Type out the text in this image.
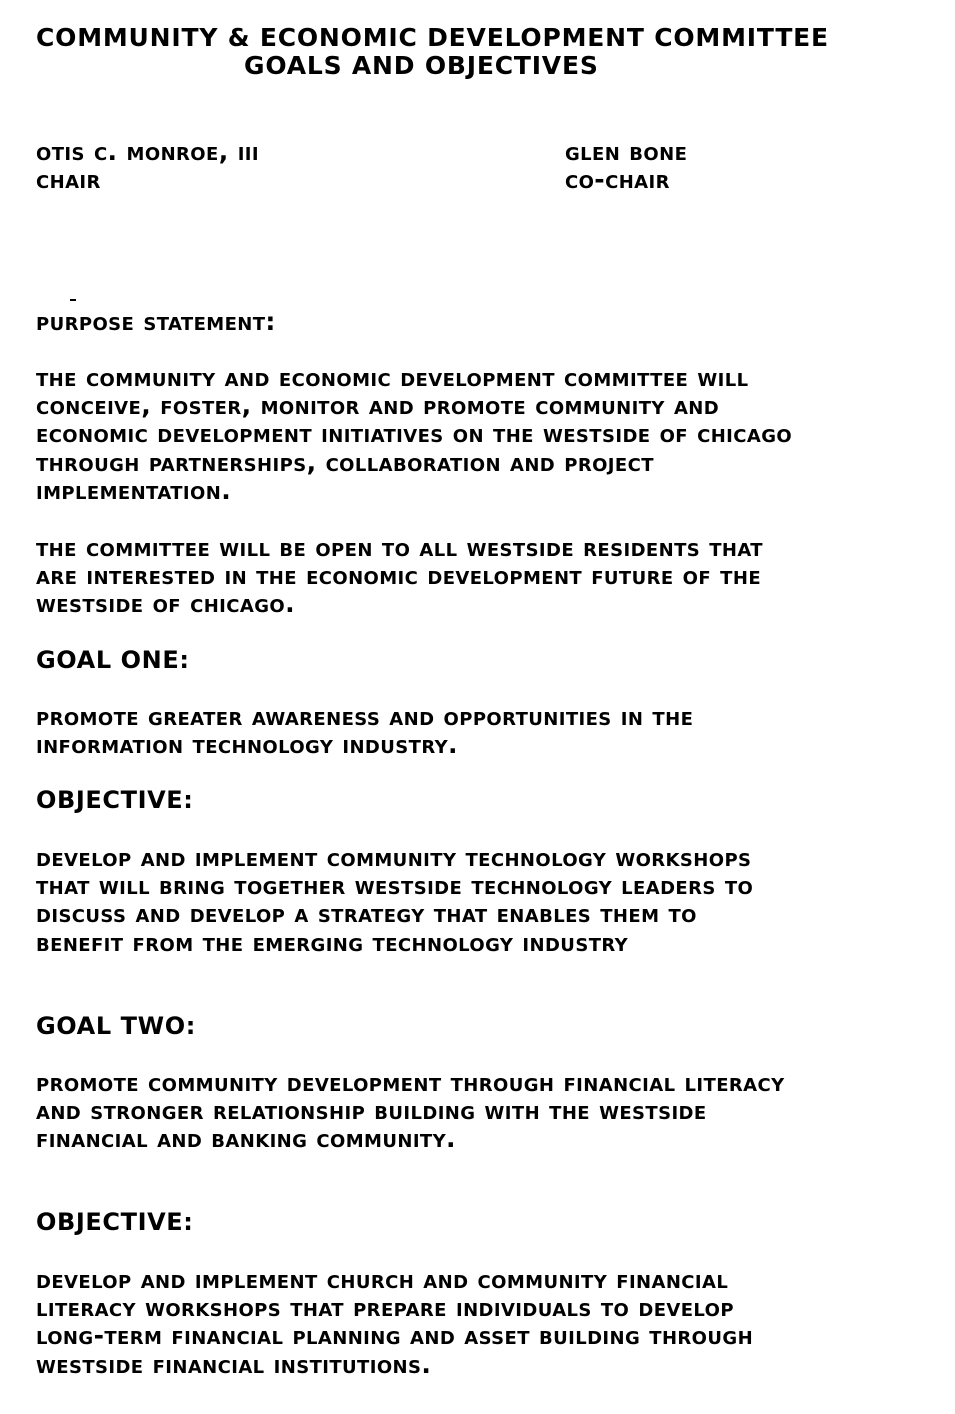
COMMUNITY & ECONOMIC DEVELOPMENT COMMITTEE
GOALS AND OBJECTIVES
otis c. monroe, iii
chair
glen bone
co-chair
purpose statement:
the community and economic development committee will
conceive, foster, monitor and promote community and
economic development initiatives on the westside of chicago
through partnerships, collaboration and project
implementation.
the committee will be open to all westside residents that
are interested in the economic development future of the
westside of chicago.
GOAL ONE:
promote greater awareness and opportunities in the
information technology industry.
OBJECTIVE:
develop and implement community technology workshops
that will bring together westside technology leaders to
discuss and develop a strategy that enables them to
benefit from the emerging technology industry
GOAL TWO:
promote community development through financial literacy
and stronger relationship building with the westside
financial and banking community.
OBJECTIVE:
develop and implement church and community financial
literacy workshops that prepare individuals to develop
long-term financial planning and asset building through
westside financial institutions.
